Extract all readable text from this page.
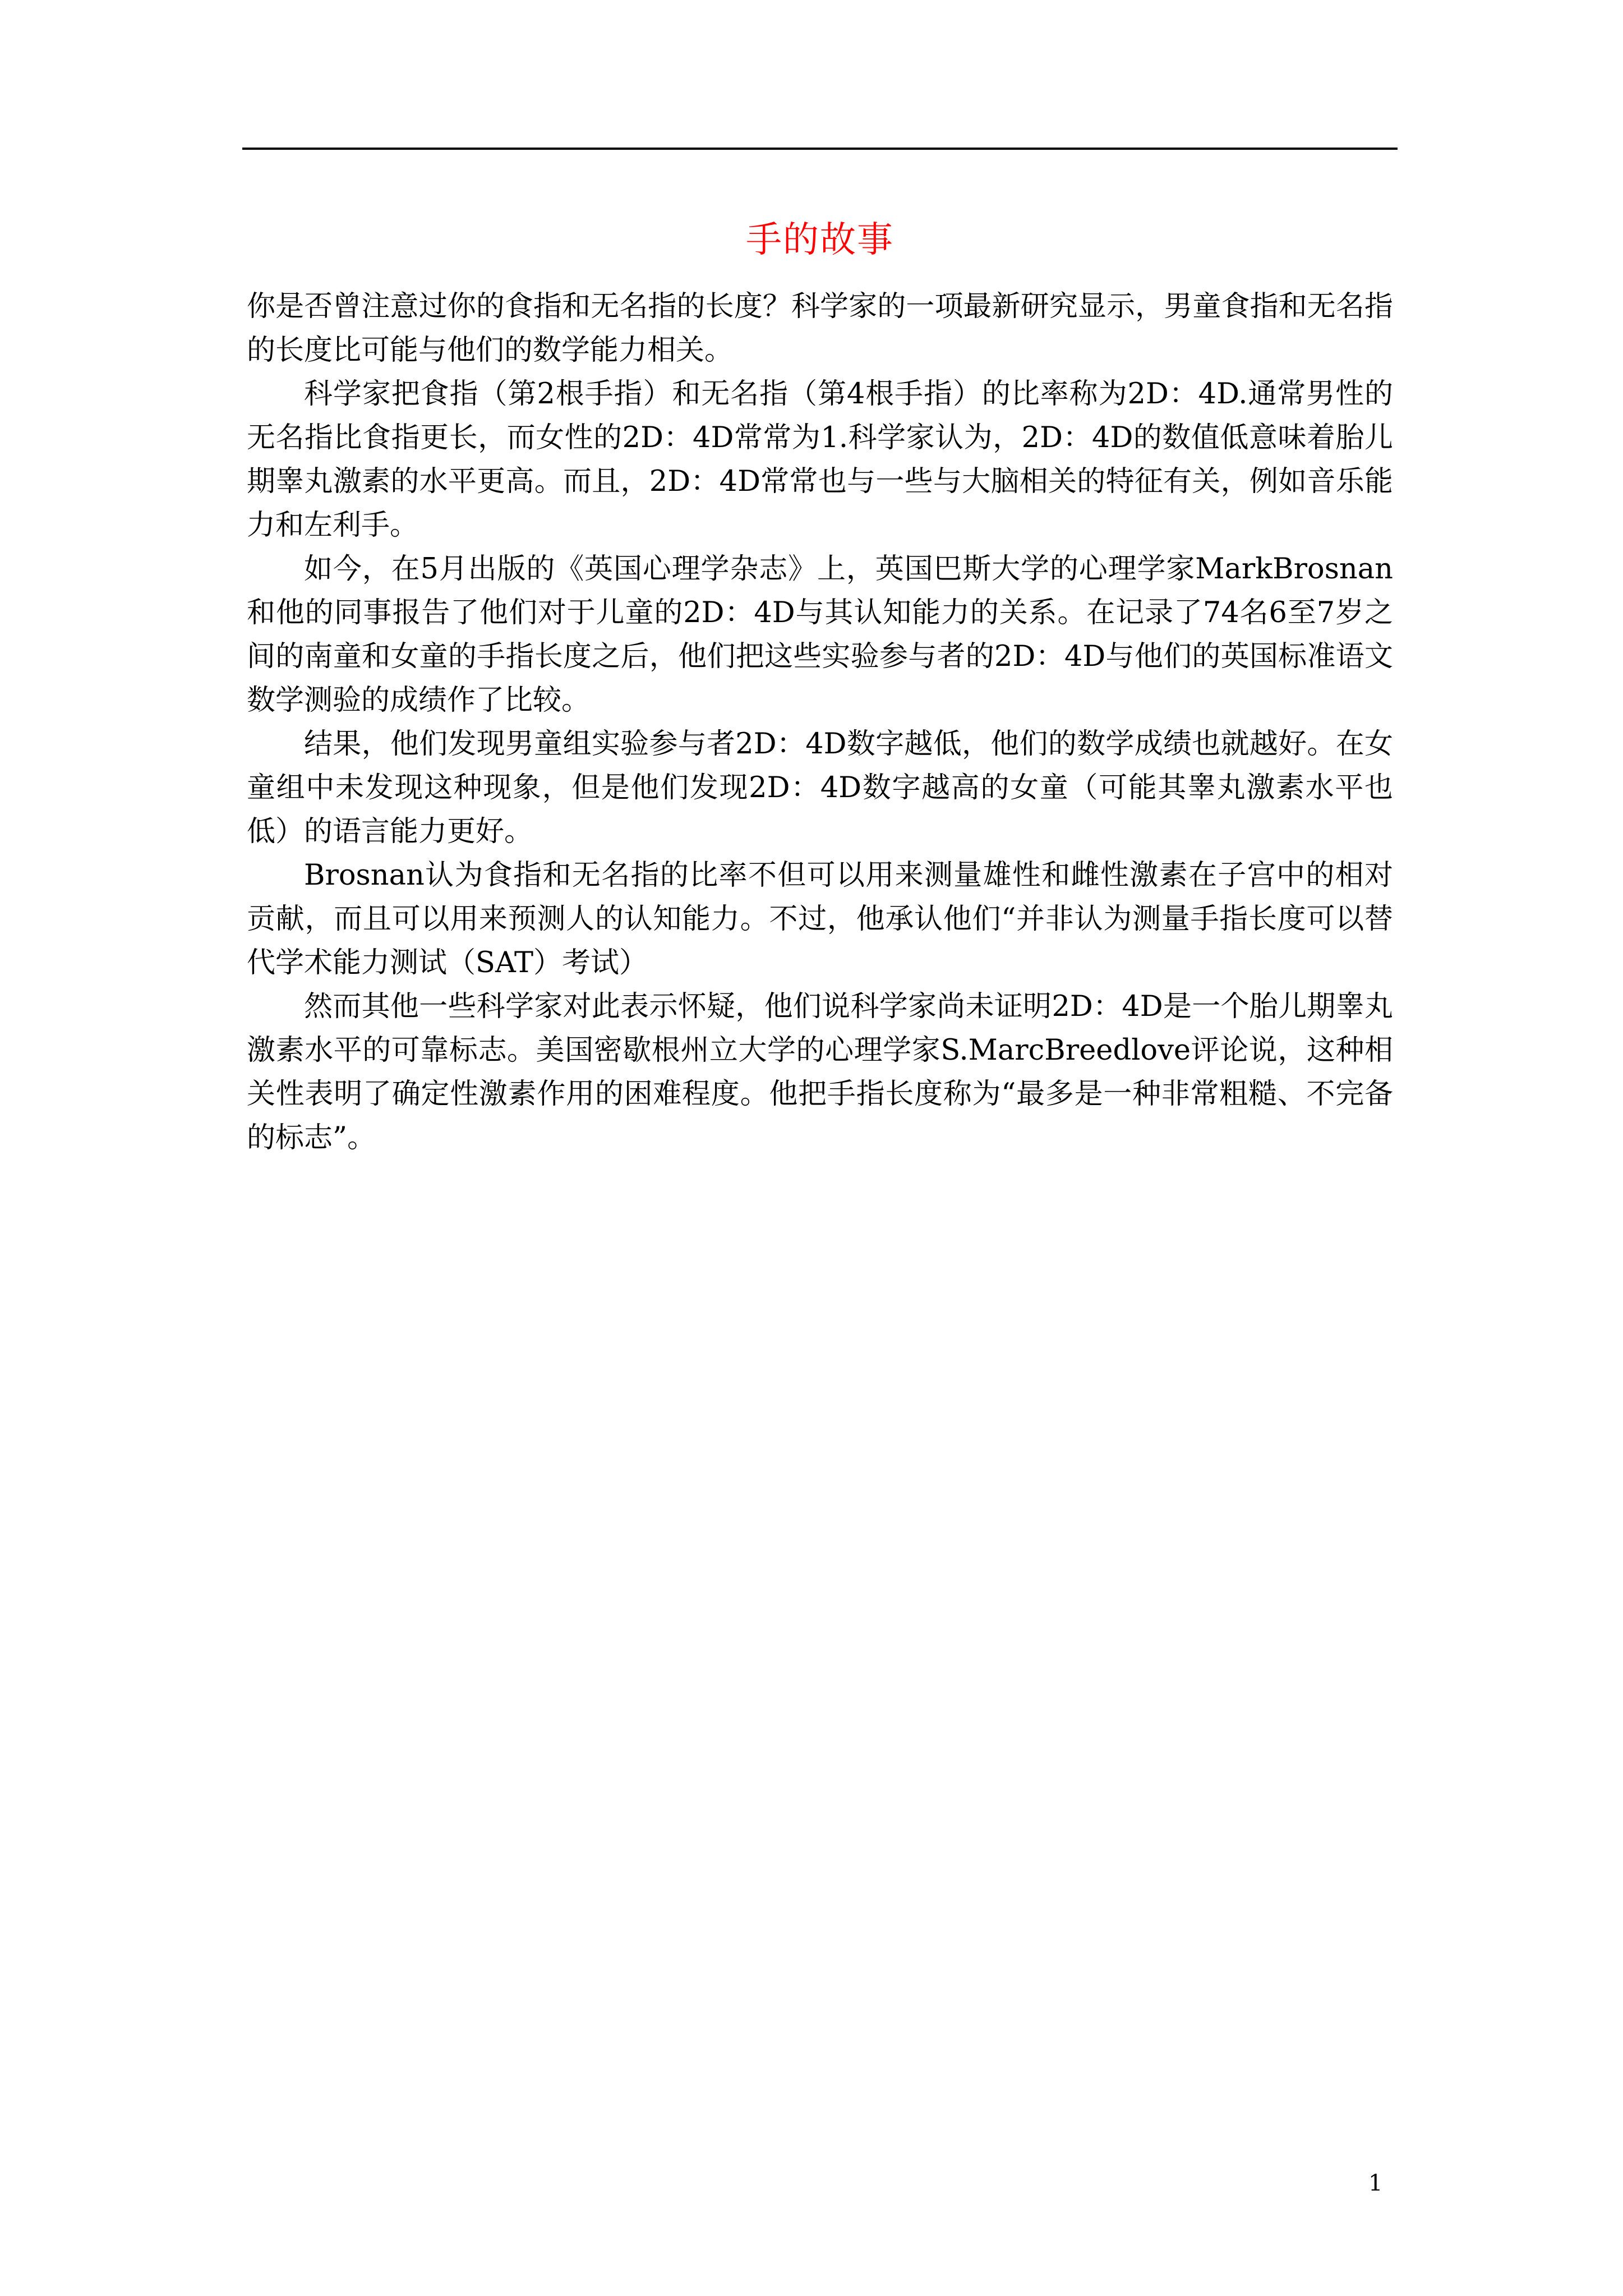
手的故事

你是否曾注意过你的食指和无名指的长度？科学家的一项最新研究显示，男童食指和无名指的长度比可能与他们的数学能力相关。

科学家把食指（第2根手指）和无名指（第4根手指）的比率称为2D：4D.通常男性的无名指比食指更长，而女性的2D：4D常常为1.科学家认为，2D：4D的数值低意味着胎儿期睾丸激素的水平更高。而且，2D：4D常常也与一些与大脑相关的特征有关，例如音乐能力和左利手。

如今，在5月出版的《英国心理学杂志》上，英国巴斯大学的心理学家MarkBrosnan和他的同事报告了他们对于儿童的2D：4D与其认知能力的关系。在记录了74名6至7岁之间的南童和女童的手指长度之后，他们把这些实验参与者的2D：4D与他们的英国标准语文数学测验的成绩作了比较。

结果，他们发现男童组实验参与者2D：4D数字越低，他们的数学成绩也就越好。在女童组中未发现这种现象，但是他们发现2D：4D数字越高的女童（可能其睾丸激素水平也低）的语言能力更好。

Brosnan认为食指和无名指的比率不但可以用来测量雄性和雌性激素在子宫中的相对贡献，而且可以用来预测人的认知能力。不过，他承认他们“并非认为测量手指长度可以替代学术能力测试（SAT）考试）

然而其他一些科学家对此表示怀疑，他们说科学家尚未证明2D：4D是一个胎儿期睾丸激素水平的可靠标志。美国密歇根州立大学的心理学家S.MarcBreedlove评论说，这种相关性表明了确定性激素作用的困难程度。他把手指长度称为“最多是一种非常粗糙、不完备的标志”。

1
